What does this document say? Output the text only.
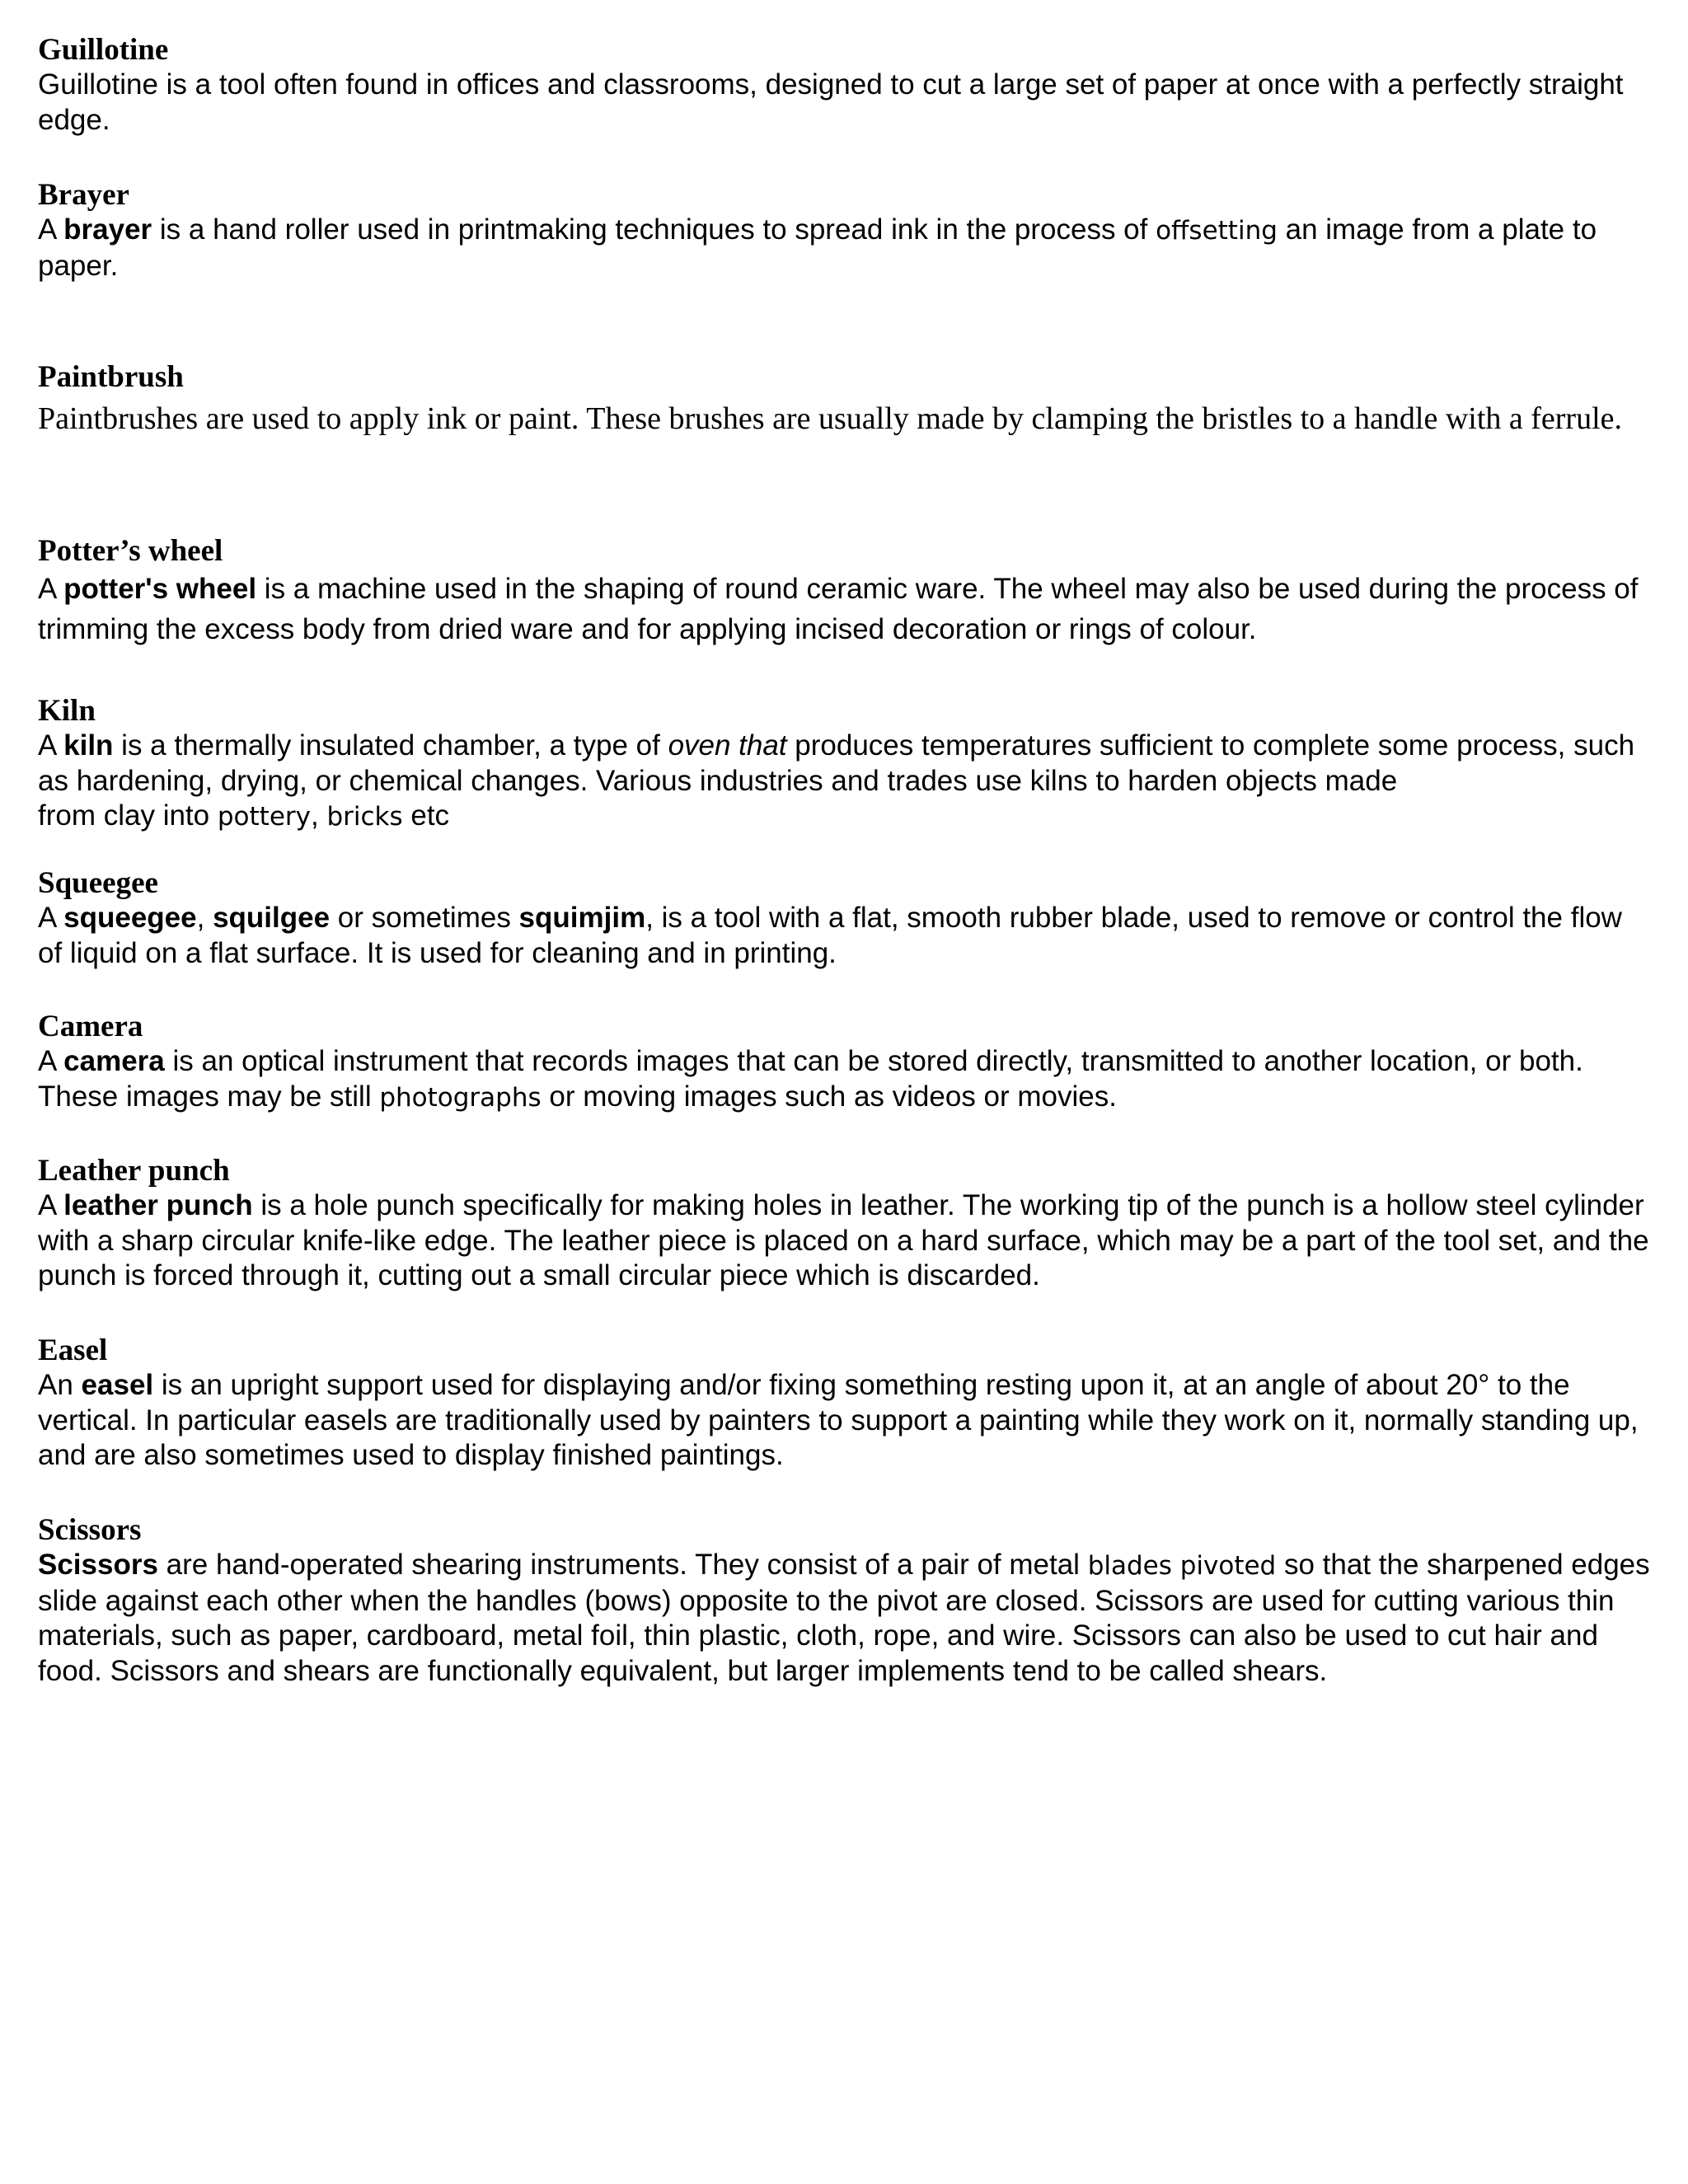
Guillotine

Guillotine is a tool often found in offices and classrooms, designed to cut a large set of paper at once with a perfectly straight edge.

Brayer

A brayer is a hand roller used in printmaking techniques to spread ink in the process of offsetting an image from a plate to paper.

Paintbrush

Paintbrushes are used to apply ink or paint. These brushes are usually made by clamping the bristles to a handle with a ferrule.

Potter’s wheel

A potter's wheel is a machine used in the shaping of round ceramic ware. The wheel may also be used during the process of trimming the excess body from dried ware and for applying incised decoration or rings of colour.

Kiln

A kiln is a thermally insulated chamber, a type of oven that produces temperatures sufficient to complete some process, such as hardening, drying, or chemical changes. Various industries and trades use kilns to harden objects made
from clay into pottery, bricks etc

Squeegee

A squeegee, squilgee or sometimes squimjim, is a tool with a flat, smooth rubber blade, used to remove or control the flow of liquid on a flat surface. It is used for cleaning and in printing.

Camera

A camera is an optical instrument that records images that can be stored directly, transmitted to another location, or both. These images may be still photographs or moving images such as videos or movies.

Leather punch

A leather punch is a hole punch specifically for making holes in leather. The working tip of the punch is a hollow steel cylinder with a sharp circular knife-like edge. The leather piece is placed on a hard surface, which may be a part of the tool set, and the punch is forced through it, cutting out a small circular piece which is discarded.

Easel

An easel is an upright support used for displaying and/or fixing something resting upon it, at an angle of about 20° to the vertical. In particular easels are traditionally used by painters to support a painting while they work on it, normally standing up, and are also sometimes used to display finished paintings.

Scissors

Scissors are hand-operated shearing instruments. They consist of a pair of metal blades pivoted so that the sharpened edges slide against each other when the handles (bows) opposite to the pivot are closed. Scissors are used for cutting various thin materials, such as paper, cardboard, metal foil, thin plastic, cloth, rope, and wire. Scissors can also be used to cut hair and food. Scissors and shears are functionally equivalent, but larger implements tend to be called shears.
